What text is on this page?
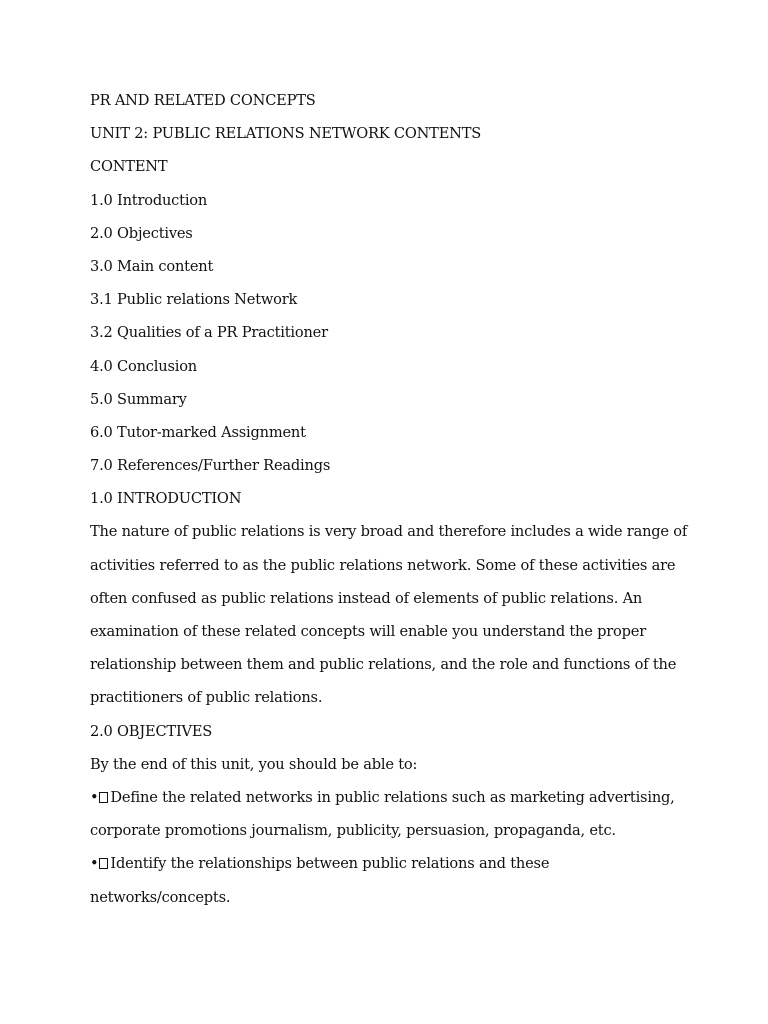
PR AND RELATED CONCEPTS
UNIT 2: PUBLIC RELATIONS NETWORK CONTENTS
CONTENT
1.0 Introduction
2.0 Objectives
3.0 Main content
3.1 Public relations Network
3.2 Qualities of a PR Practitioner
4.0 Conclusion
5.0 Summary
6.0 Tutor-marked Assignment
7.0 References/Further Readings
1.0 INTRODUCTION
The nature of public relations is very broad and therefore includes a wide range of
activities referred to as the public relations network. Some of these activities are
often confused as public relations instead of elements of public relations. An
examination of these related concepts will enable you understand the proper
relationship between them and public relations, and the role and functions of the
practitioners of public relations.
2.0 OBJECTIVES
By the end of this unit, you should be able to:
• Define the related networks in public relations such as marketing advertising,
corporate promotions journalism, publicity, persuasion, propaganda, etc.
• Identify the relationships between public relations and these
networks/concepts.
